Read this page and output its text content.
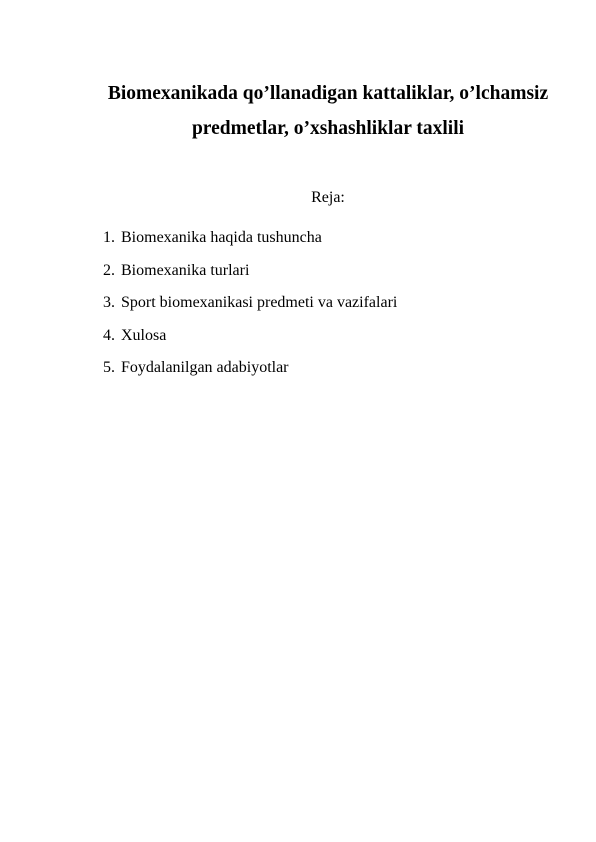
Biomexanikada qo’llanadigan kattaliklar, o’lchamsiz
predmetlar, o’xshashliklar taxlili
Reja:
1. Biomexanika haqida tushuncha
2. Biomexanika turlari
3. Sport biomexanikasi predmeti va vazifalari
4. Xulosa
5. Foydalanilgan adabiyotlar
